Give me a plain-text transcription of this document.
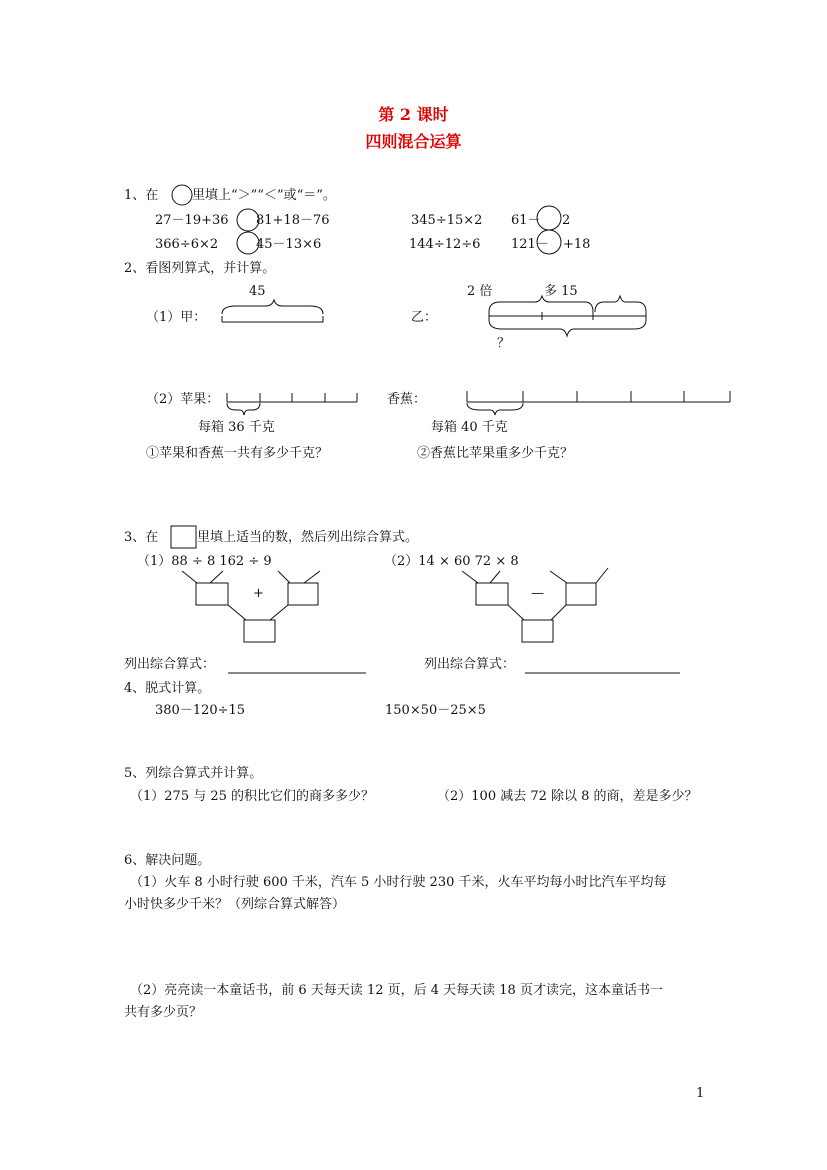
第 2 课时
四则混合运算
1、在	里填上“＞”“＜”或“＝”。
27－19+36 81+18－76	345÷15×2 61－ 2
366÷6×2	45－13×6	144÷12÷6 121－ +18
2、看图列算式，并计算。
45
（1）甲：	乙：
2 倍	多 15
？
（2）苹果：
每箱 36 千克
香蕉：
每箱 40 千克
①苹果和香蕉一共有多少千克？	②香蕉比苹果重多少千克？
3、在	里填上适当的数，然后列出综合算式。
（1）88 ÷ 8 162 ÷ 9
+
（2）14 × 60 72 × 8
—
列出综合算式：	列出综合算式：
4、脱式计算。
380－120÷15	150×50－25×5
5、列综合算式并计算。
（1）275 与 25 的积比它们的商多多少？	（2）100 减去 72 除以 8 的商，差是多少？
6、解决问题。
（1）火车 8 小时行驶 600 千米，汽车 5 小时行驶 230 千米，火车平均每小时比汽车平均每
小时快多少千米？（列综合算式解答）
（2）亮亮读一本童话书，前 6 天每天读 12 页，后 4 天每天读 18 页才读完，这本童话书一
共有多少页？
1
